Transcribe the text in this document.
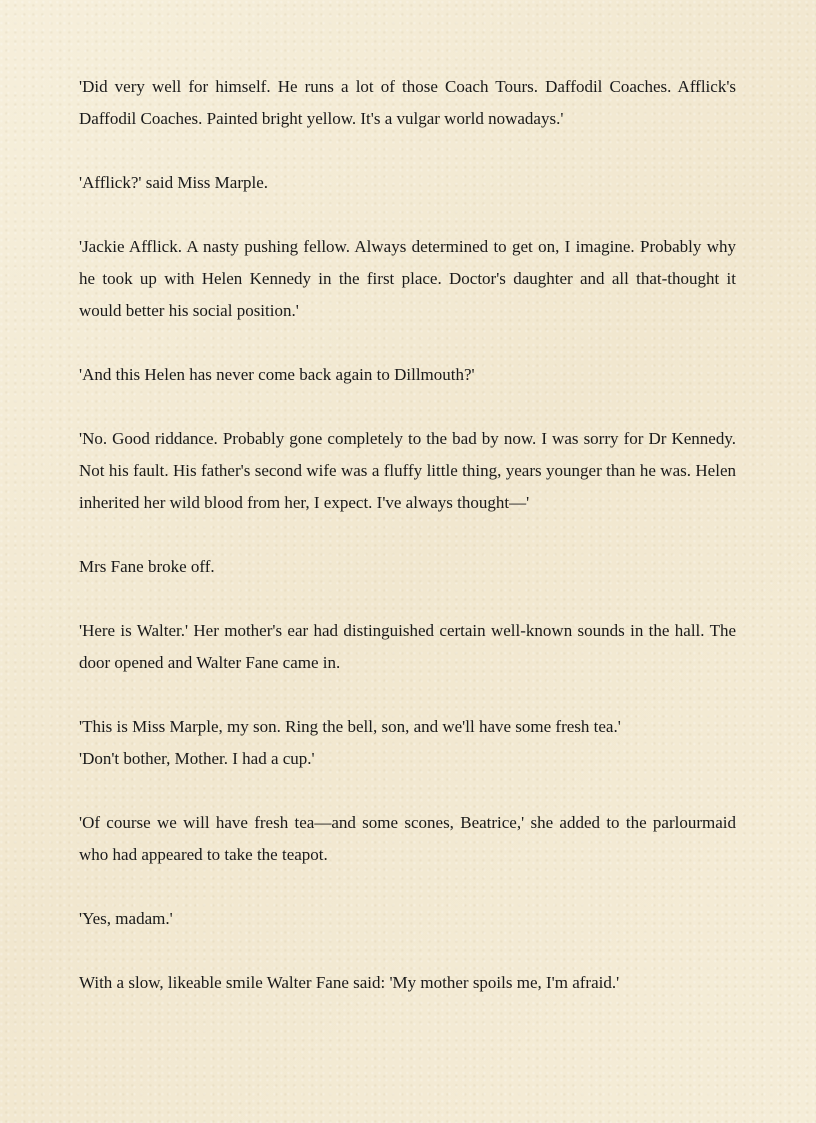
'Did very well for himself. He runs a lot of those Coach Tours. Daffodil Coaches. Afflick's Daffodil Coaches. Painted bright yellow. It's a vulgar world nowadays.'

'Afflick?' said Miss Marple.

'Jackie Afflick. A nasty pushing fellow. Always determined to get on, I imagine. Probably why he took up with Helen Kennedy in the first place. Doctor's daughter and all that-thought it would better his social position.'

'And this Helen has never come back again to Dillmouth?'

'No. Good riddance. Probably gone completely to the bad by now. I was sorry for Dr Kennedy. Not his fault. His father's second wife was a fluffy little thing, years younger than he was. Helen inherited her wild blood from her, I expect. I've always thought—'

Mrs Fane broke off.

'Here is Walter.' Her mother's ear had distinguished certain well-known sounds in the hall. The door opened and Walter Fane came in.

'This is Miss Marple, my son. Ring the bell, son, and we'll have some fresh tea.'

'Don't bother, Mother. I had a cup.'

'Of course we will have fresh tea—and some scones, Beatrice,' she added to the parlourmaid who had appeared to take the teapot.

'Yes, madam.'

With a slow, likeable smile Walter Fane said: 'My mother spoils me, I'm afraid.'
